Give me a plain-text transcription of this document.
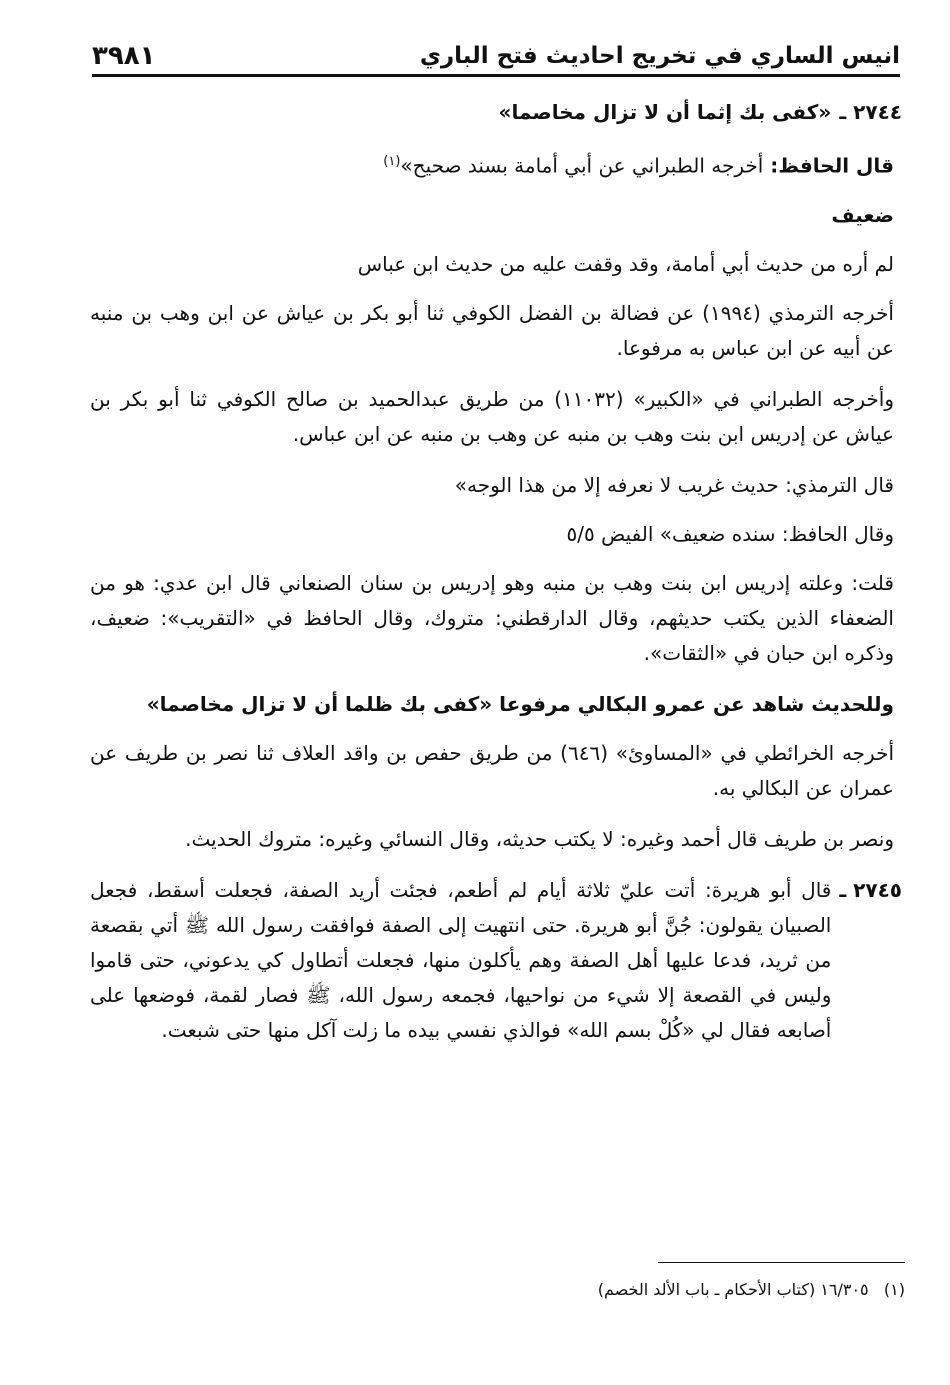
انيس الساري في تخريج احاديث فتح الباري
٣٩٨١
٢٧٤٤ ـ
«كفى بك إثما أن لا تزال مخاصما»

قال الحافظ: أخرجه الطبراني عن أبي أمامة بسند صحيح»$^{(١)}$

ضعيف

لم أره من حديث أبي أمامة، وقد وقفت عليه من حديث ابن عباس

أخرجه الترمذي (١٩٩٤) عن فضالة بن الفضل الكوفي ثنا أبو بكر بن عياش عن ابن وهب بن منبه عن أبيه عن ابن عباس به مرفوعا.

وأخرجه الطبراني في «الكبير» (١١٠٣٢) من طريق عبدالحميد بن صالح الكوفي ثنا أبو بكر بن عياش عن إدريس ابن بنت وهب بن منبه عن وهب بن منبه عن ابن عباس.

قال الترمذي: حديث غريب لا نعرفه إلا من هذا الوجه»

وقال الحافظ: سنده ضعيف» الفيض ٥/٥

قلت: وعلته إدريس ابن بنت وهب بن منبه وهو إدريس بن سنان الصنعاني قال ابن عدي: هو من الضعفاء الذين يكتب حديثهم، وقال الدارقطني: متروك، وقال الحافظ في «التقريب»: ضعيف، وذكره ابن حبان في «الثقات».

وللحديث شاهد عن عمرو البكالي مرفوعا «كفى بك ظلما أن لا تزال مخاصما»

أخرجه الخرائطي في «المساوئ» (٦٤٦) من طريق حفص بن واقد العلاف ثنا نصر بن طريف عن عمران عن البكالي به.

ونصر بن طريف قال أحمد وغيره: لا يكتب حديثه، وقال النسائي وغيره: متروك الحديث.

٢٧٤٥ ـ
قال أبو هريرة: أتت عليّ ثلاثة أيام لم أطعم، فجئت أريد الصفة، فجعلت أسقط، فجعل الصبيان يقولون: جُنَّ أبو هريرة. حتى انتهيت إلى الصفة فوافقت رسول الله ﷺ أتي بقصعة من ثريد، فدعا عليها أهل الصفة وهم يأكلون منها، فجعلت أتطاول كي يدعوني، حتى قاموا وليس في القصعة إلا شيء من نواحيها، فجمعه رسول الله، ﷺ فصار لقمة، فوضعها على أصابعه فقال لي «كُلْ بسم الله» فوالذي نفسي بيده ما زلت آكل منها حتى شبعت.
(١)   ١٦/٣٠٥ (كتاب الأحكام ـ باب الألد الخصم)
